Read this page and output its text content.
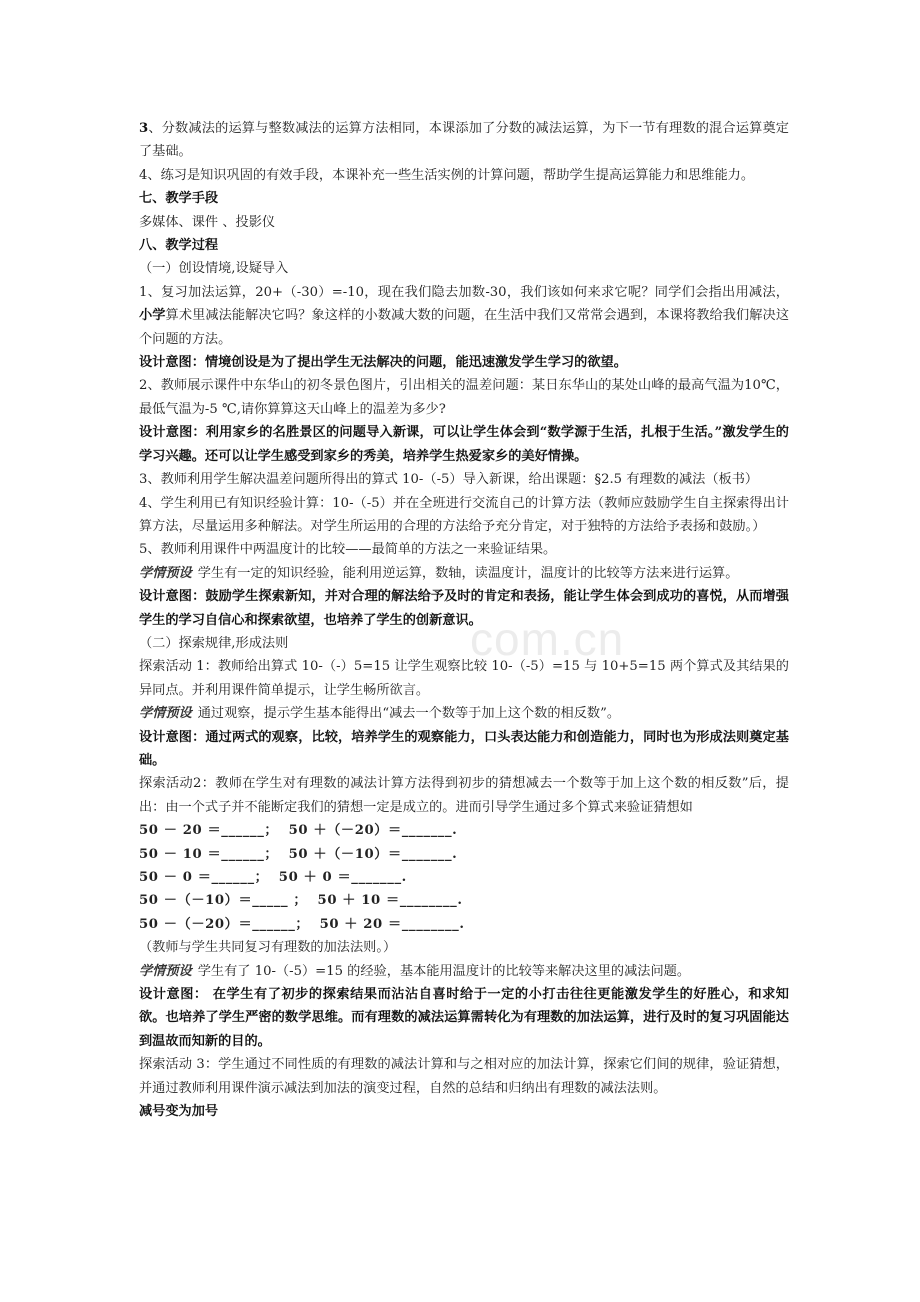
com.cn

3、分数减法的运算与整数减法的运算方法相同，本课添加了分数的减法运算，为下一节有理数的混合运算奠定了基础。

4、练习是知识巩固的有效手段，本课补充一些生活实例的计算问题，帮助学生提高运算能力和思维能力。

七、教学手段

多媒体、课件 、投影仪

八、教学过程

（一）创设情境,设疑导入

1、复习加法运算，20+（-30）=-10，现在我们隐去加数-30，我们该如何来求它呢？同学们会指出用减法，小学算术里减法能解决它吗？象这样的小数减大数的问题，在生活中我们又常常会遇到，本课将教给我们解决这个问题的方法。

设计意图：情境创设是为了提出学生无法解决的问题，能迅速激发学生学习的欲望。

2、教师展示课件中东华山的初冬景色图片，引出相关的温差问题：某日东华山的某处山峰的最高气温为10℃，最低气温为-5 ℃,请你算算这天山峰上的温差为多少?

设计意图：利用家乡的名胜景区的问题导入新课，可以让学生体会到“数学源于生活，扎根于生活。”激发学生的学习兴趣。还可以让学生感受到家乡的秀美，培养学生热爱家乡的美好情操。

3、教师利用学生解决温差问题所得出的算式 10-（-5）导入新课，给出课题：§2.5 有理数的减法（板书）

4、学生利用已有知识经验计算：10-（-5）并在全班进行交流自己的计算方法（教师应鼓励学生自主探索得出计算方法，尽量运用多种解法。对学生所运用的合理的方法给予充分肯定，对于独特的方法给予表扬和鼓励。）

5、教师利用课件中两温度计的比较——最简单的方法之一来验证结果。

学情预设 学生有一定的知识经验，能利用逆运算，数轴，读温度计，温度计的比较等方法来进行运算。

设计意图：鼓励学生探索新知，并对合理的解法给予及时的肯定和表扬，能让学生体会到成功的喜悦，从而增强学生的学习自信心和探索欲望，也培养了学生的创新意识。

（二）探索规律,形成法则

探索活动 1：教师给出算式 10-（-）5=15 让学生观察比较 10-（-5）=15 与 10+5=15 两个算式及其结果的异同点。并利用课件简单提示，让学生畅所欲言。

学情预设 通过观察，提示学生基本能得出“减去一个数等于加上这个数的相反数”。

设计意图：通过两式的观察，比较，培养学生的观察能力，口头表达能力和创造能力，同时也为形成法则奠定基础。

探索活动2：教师在学生对有理数的减法计算方法得到初步的猜想减去一个数等于加上这个数的相反数”后，提出：由一个式子并不能断定我们的猜想一定是成立的。进而引导学生通过多个算式来验证猜想如

50 － 20 ＝______；  50 ＋（－20）＝_______.

50 － 10 ＝______；  50 ＋（－10）＝_______.

50 － 0 ＝______；  50 ＋ 0 ＝_______.

50 －（－10）＝_____ ；  50 ＋ 10 ＝________.

50 －（－20）＝______；  50 ＋ 20 ＝________.

（教师与学生共同复习有理数的加法法则。）

学情预设 学生有了 10-（-5）=15 的经验，基本能用温度计的比较等来解决这里的减法问题。

设计意图： 在学生有了初步的探索结果而沾沾自喜时给于一定的小打击往往更能激发学生的好胜心，和求知欲。也培养了学生严密的数学思维。而有理数的减法运算需转化为有理数的加法运算，进行及时的复习巩固能达到温故而知新的目的。

探索活动 3：学生通过不同性质的有理数的减法计算和与之相对应的加法计算，探索它们间的规律，验证猜想，并通过教师利用课件演示减法到加法的演变过程，自然的总结和归纳出有理数的减法法则。

减号变为加号
